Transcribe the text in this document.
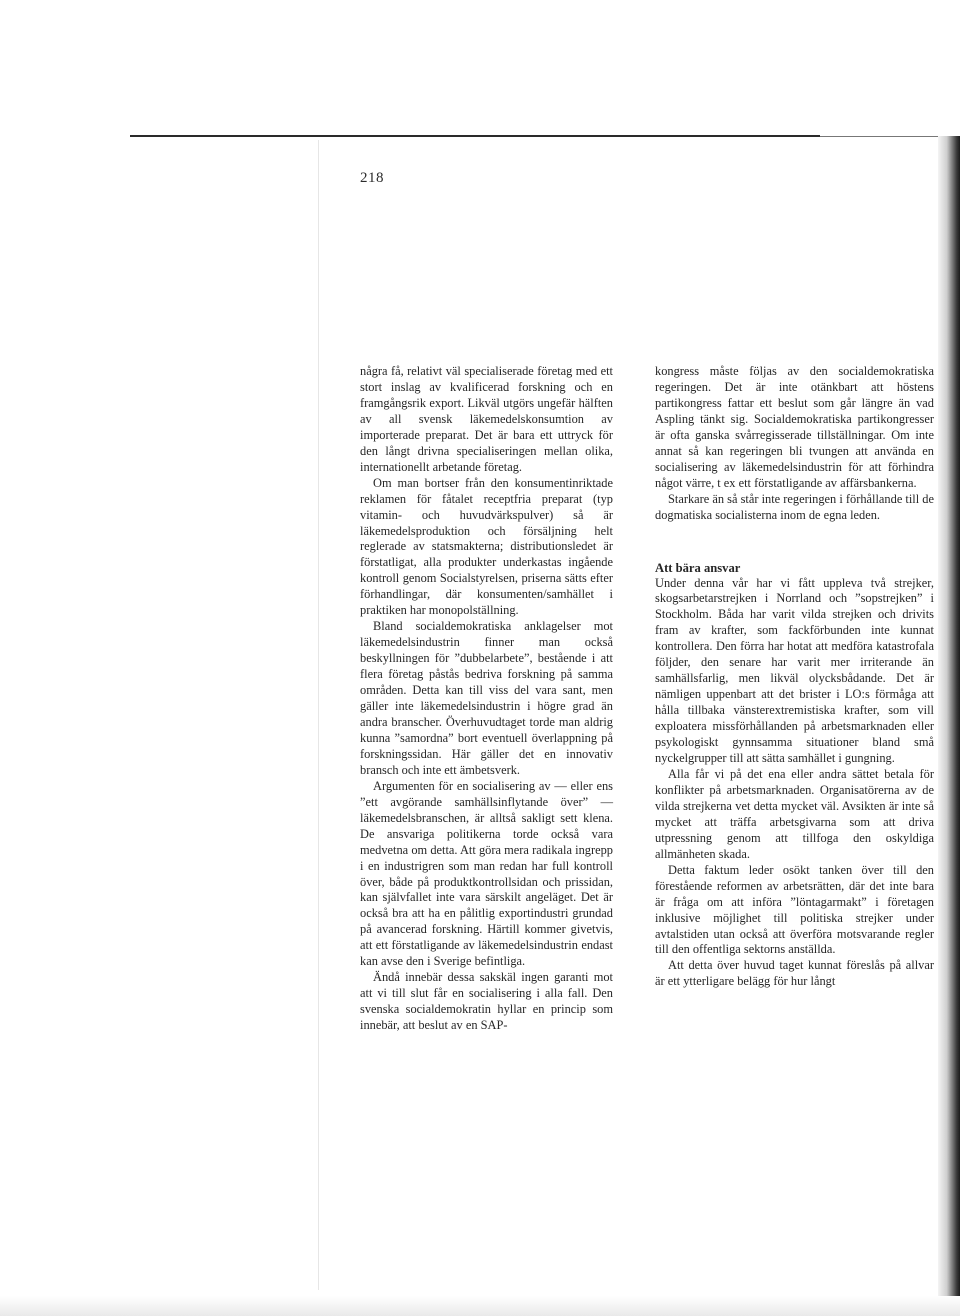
218

några få, relativt väl specialiserade företag med ett stort inslag av kvalificerad forskning och en framgångsrik export. Likväl utgörs ungefär hälften av all svensk läkemedelskonsumtion av importerade preparat. Det är bara ett uttryck för den långt drivna specialiseringen mellan olika, internationellt arbetande företag.

Om man bortser från den konsumentinriktade reklamen för fåtalet receptfria preparat (typ vitamin- och huvudvärkspulver) så är läkemedelsproduktion och försäljning helt reglerade av statsmakterna; distributionsledet är förstatligat, alla produkter underkastas ingående kontroll genom Socialstyrelsen, priserna sätts efter förhandlingar, där konsumenten/samhället i praktiken har monopolställning.

Bland socialdemokratiska anklagelser mot läkemedelsindustrin finner man också beskyllningen för ”dubbelarbete”, bestående i att flera företag påstås bedriva forskning på samma områden. Detta kan till viss del vara sant, men gäller inte läkemedelsindustrin i högre grad än andra branscher. Överhuvudtaget torde man aldrig kunna ”samordna” bort eventuell överlappning på forskningssidan. Här gäller det en innovativ bransch och inte ett ämbetsverk.

Argumenten för en socialisering av — eller ens ”ett avgörande samhällsinflytande över” — läkemedelsbranschen, är alltså sakligt sett klena. De ansvariga politikerna torde också vara medvetna om detta. Att göra mera radikala ingrepp i en industrigren som man redan har full kontroll över, både på produktkontrollsidan och prissidan, kan självfallet inte vara särskilt angeläget. Det är också bra att ha en pålitlig exportindustri grundad på avancerad forskning. Härtill kommer givetvis, att ett förstatligande av läkemedelsindustrin endast kan avse den i Sverige befintliga.

Ändå innebär dessa sakskäl ingen garanti mot att vi till slut får en socialisering i alla fall. Den svenska socialdemokratin hyllar en princip som innebär, att beslut av en SAP-

kongress måste följas av den socialdemokratiska regeringen. Det är inte otänkbart att höstens partikongress fattar ett beslut som går längre än vad Aspling tänkt sig. Socialdemokratiska partikongresser är ofta ganska svårregisserade tillställningar. Om inte annat så kan regeringen bli tvungen att använda en socialisering av läkemedelsindustrin för att förhindra något värre, t ex ett förstatligande av affärsbankerna.

Starkare än så står inte regeringen i förhållande till de dogmatiska socialisterna inom de egna leden.

Att bära ansvar

Under denna vår har vi fått uppleva två strejker, skogsarbetarstrejken i Norrland och ”sopstrejken” i Stockholm. Båda har varit vilda strejken och drivits fram av krafter, som fackförbunden inte kunnat kontrollera. Den förra har hotat att medföra katastrofala följder, den senare har varit mer irriterande än samhällsfarlig, men likväl olycksbådande. Det är nämligen uppenbart att det brister i LO:s förmåga att hålla tillbaka vänsterextremistiska krafter, som vill exploatera missförhållanden på arbetsmarknaden eller psykologiskt gynnsamma situationer bland små nyckelgrupper till att sätta samhället i gungning.

Alla får vi på det ena eller andra sättet betala för konflikter på arbetsmarknaden. Organisatörerna av de vilda strejkerna vet detta mycket väl. Avsikten är inte så mycket att träffa arbetsgivarna som att driva utpressning genom att tillfoga den oskyldiga allmänheten skada.

Detta faktum leder osökt tanken över till den förestående reformen av arbetsrätten, där det inte bara är fråga om att införa ”löntagarmakt” i företagen inklusive möjlighet till politiska strejker under avtalstiden utan också att överföra motsvarande regler till den offentliga sektorns anställda.

Att detta över huvud taget kunnat föreslås på allvar är ett ytterligare belägg för hur långt
